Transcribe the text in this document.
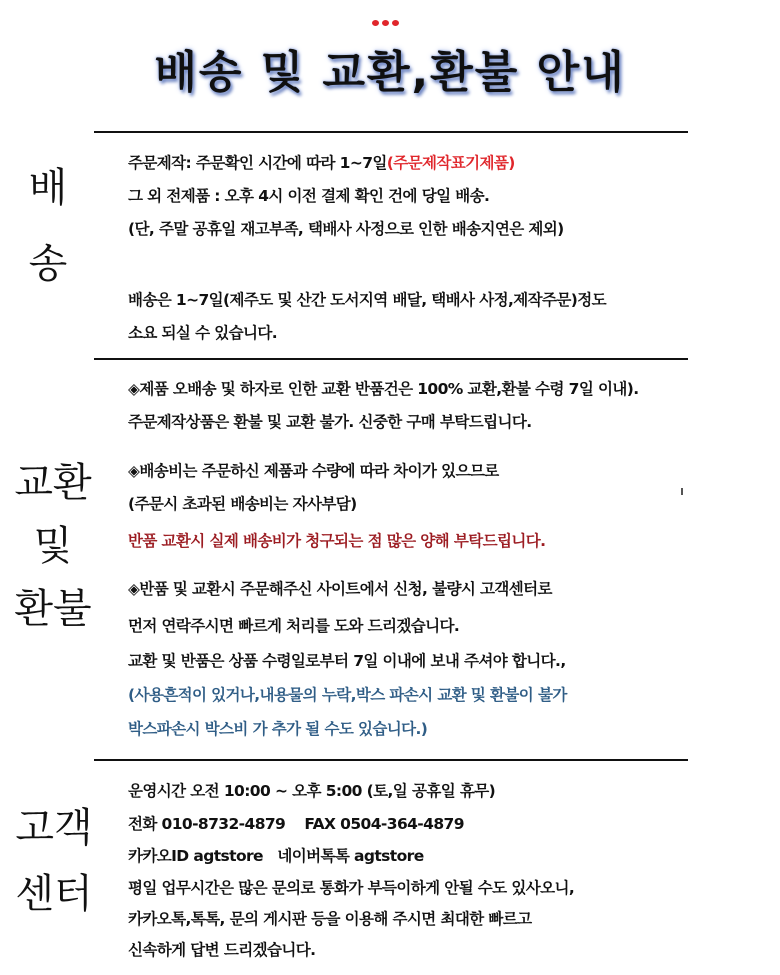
배송 및 교환,환불 안내
배
송
주문제작: 주문확인 시간에 따라 1~7일(주문제작표기제품)
그 외 전제품 : 오후 4시 이전 결제 확인 건에 당일 배송.
(단, 주말 공휴일 재고부족, 택배사 사정으로 인한 배송지연은 제외)
배송은 1~7일(제주도 및 산간 도서지역 배달, 택배사 사정,제작주문)정도
소요 되실 수 있습니다.
교환
및
환불
◈제품 오배송 및 하자로 인한 교환 반품건은 100% 교환,환불 수령 7일 이내).
주문제작상품은 환불 및 교환 불가. 신중한 구매 부탁드립니다.
◈배송비는 주문하신 제품과 수량에 따라 차이가 있으므로
(주문시 초과된 배송비는 자사부담)
반품 교환시 실제 배송비가 청구되는 점 많은 양해 부탁드립니다.
◈반품 및 교환시 주문해주신 사이트에서 신청, 불량시 고객센터로
먼저 연락주시면 빠르게 처리를 도와 드리겠습니다.
교환 및 반품은 상품 수령일로부터 7일 이내에 보내 주셔야 합니다.,
(사용흔적이 있거나,내용물의 누락,박스 파손시 교환 및 환불이 불가
박스파손시 박스비 가 추가 될 수도 있습니다.)
고객
센터
운영시간 오전 10:00 ~ 오후 5:00 (토,일 공휴일 휴무)
전화 010-8732-4879    FAX 0504-364-4879
카카오ID agtstore   네이버톡톡 agtstore
평일 업무시간은 많은 문의로 통화가 부득이하게 안될 수도 있사오니,
카카오톡,톡톡, 문의 게시판 등을 이용해 주시면 최대한 빠르고
신속하게 답변 드리겠습니다.
